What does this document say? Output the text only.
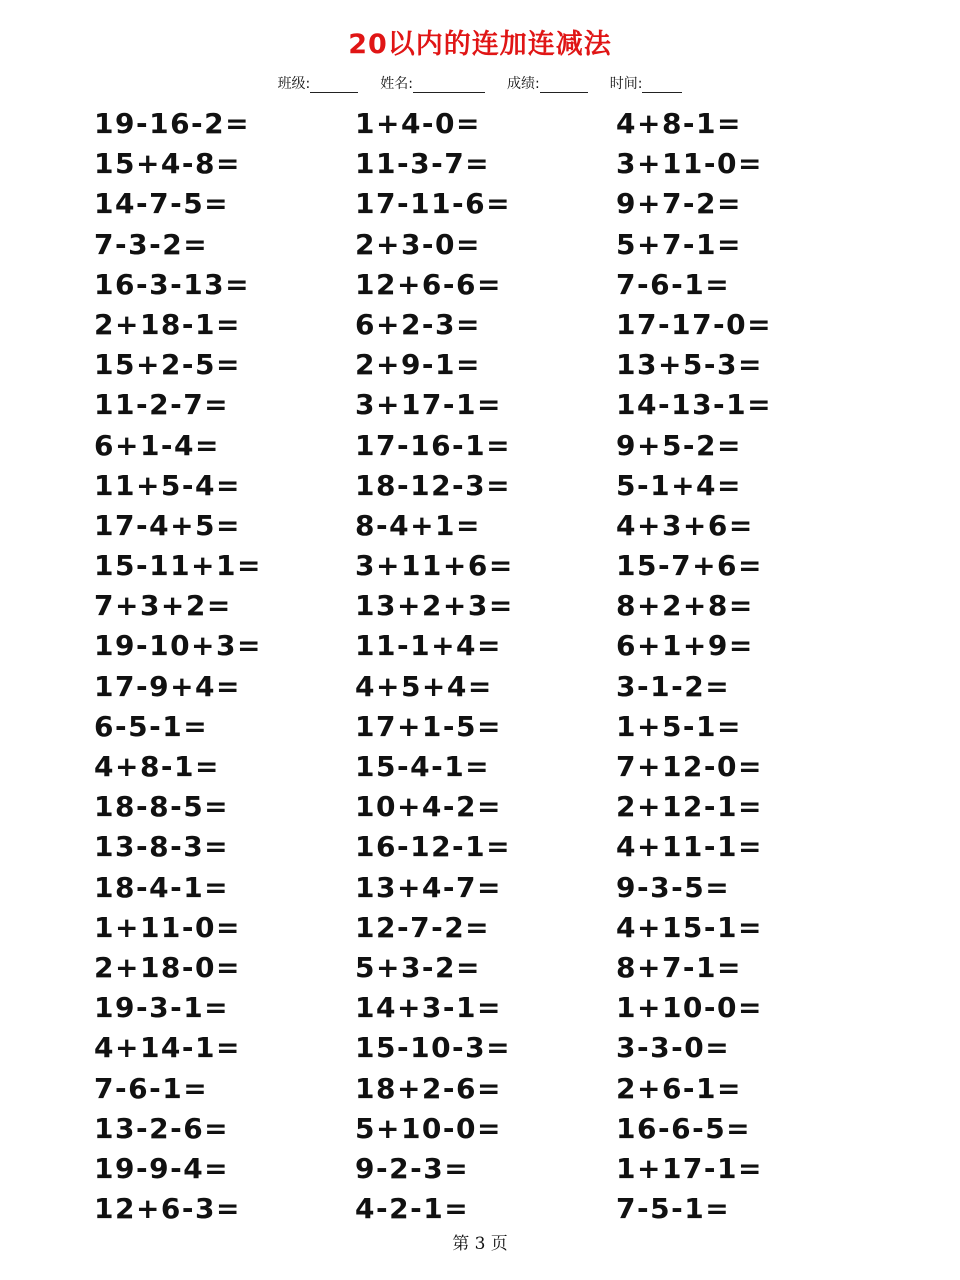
20以内的连加连减法
班级:	姓名:	成绩:	时间:
19-16-2=	1+4-0=	4+8-1=
15+4-8=	11-3-7=	3+11-0=
14-7-5=	17-11-6=	9+7-2=
7-3-2=	2+3-0=	5+7-1=
16-3-13=	12+6-6=	7-6-1=
2+18-1=	6+2-3=	17-17-0=
15+2-5=	2+9-1=	13+5-3=
11-2-7=	3+17-1=	14-13-1=
6+1-4=	17-16-1=	9+5-2=
11+5-4=	18-12-3=	5-1+4=
17-4+5=	8-4+1=	4+3+6=
15-11+1=	3+11+6=	15-7+6=
7+3+2=	13+2+3=	8+2+8=
19-10+3=	11-1+4=	6+1+9=
17-9+4=	4+5+4=	3-1-2=
6-5-1=	17+1-5=	1+5-1=
4+8-1=	15-4-1=	7+12-0=
18-8-5=	10+4-2=	2+12-1=
13-8-3=	16-12-1=	4+11-1=
18-4-1=	13+4-7=	9-3-5=
1+11-0=	12-7-2=	4+15-1=
2+18-0=	5+3-2=	8+7-1=
19-3-1=	14+3-1=	1+10-0=
4+14-1=	15-10-3=	3-3-0=
7-6-1=	18+2-6=	2+6-1=
13-2-6=	5+10-0=	16-6-5=
19-9-4=	9-2-3=	1+17-1=
12+6-3=	4-2-1=	7-5-1=
第 3 页
